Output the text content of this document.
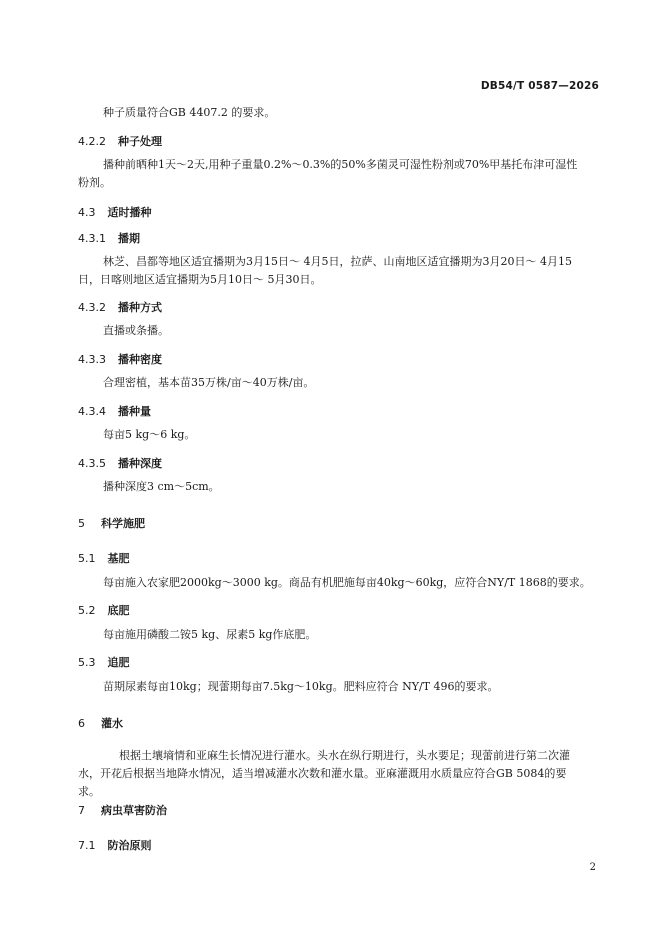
DB54/T 0587—2026
种子质量符合GB 4407.2 的要求。
4.2.2 种子处理
播种前晒种1天～2天,用种子重量0.2%～0.3%的50%多菌灵可湿性粉剂或70%甲基托布津可湿性粉剂。
4.3 适时播种
4.3.1 播期
林芝、昌都等地区适宜播期为3月15日～ 4月5日，拉萨、山南地区适宜播期为3月20日～ 4月15日，日喀则地区适宜播期为5月10日～ 5月30日。
4.3.2 播种方式
直播或条播。
4.3.3 播种密度
合理密植，基本苗35万株/亩～40万株/亩。
4.3.4 播种量
每亩5 kg～6 kg。
4.3.5 播种深度
播种深度3 cm～5cm。
5 科学施肥
5.1 基肥
每亩施入农家肥2000kg～3000 kg。商品有机肥施每亩40kg～60kg，应符合NY/T 1868的要求。
5.2 底肥
每亩施用磷酸二铵5 kg、尿素5 kg作底肥。
5.3 追肥
苗期尿素每亩10kg；现蕾期每亩7.5kg～10kg。肥料应符合 NY/T 496的要求。
6 灌水
根据土壤墒情和亚麻生长情况进行灌水。头水在纵行期进行，头水要足；现蕾前进行第二次灌水，开花后根据当地降水情况，适当增减灌水次数和灌水量。亚麻灌溉用水质量应符合GB 5084的要求。
7 病虫草害防治
7.1 防治原则
2
